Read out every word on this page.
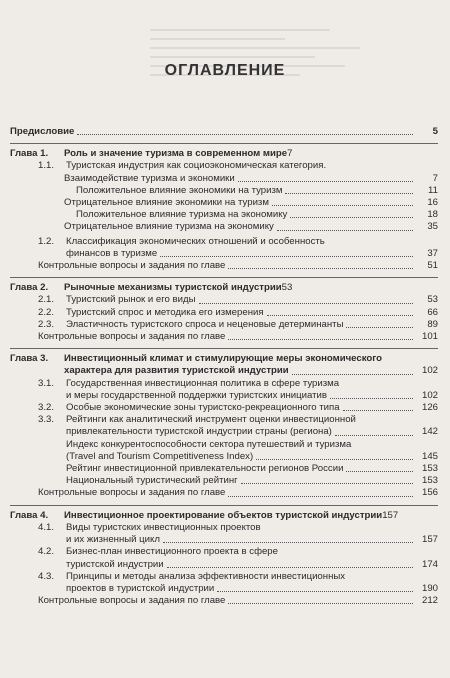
ОГЛАВЛЕНИЕ
Предисловие	5
Глава 1.	Роль и значение туризма в современном мире 7
1.1.	Туристская индустрия как социоэкономическая категория.
Взаимодействие туризма и экономики	7
Положительное влияние экономики на туризм	11
Отрицательное влияние экономики на туризм	16
Положительное влияние туризма на экономику	18
Отрицательное влияние туризма на экономику	35
1.2.	Классификация экономических отношений и особенность
финансов в туризме	37
Контрольные вопросы и задания по главе	51
Глава 2.	Рыночные механизмы туристской индустрии 53
2.1.	Туристский рынок и его виды	53
2.2.	Туристский спрос и методика его измерения	66
2.3.	Эластичность туристского спроса и неценовые детерминанты	89
Контрольные вопросы и задания по главе	101
Глава 3.	Инвестиционный климат и стимулирующие меры экономического
характера для развития туристской индустрии	102
3.1.	Государственная инвестиционная политика в сфере туризма
и меры государственной поддержки туристских инициатив	102
3.2.	Особые экономические зоны туристско-рекреационного типа	126
3.3.	Рейтинги как аналитический инструмент оценки инвестиционной
привлекательности туристской индустрии страны (региона)	142
Индекс конкурентоспособности сектора путешествий и туризма
(Travel and Tourism Competitiveness Index)	145
Рейтинг инвестиционной привлекательности регионов России	153
Национальный туристический рейтинг	153
Контрольные вопросы и задания по главе	156
Глава 4.	Инвестиционное проектирование объектов туристской индустрии 157
4.1.	Виды туристских инвестиционных проектов
и их жизненный цикл	157
4.2.	Бизнес-план инвестиционного проекта в сфере
туристской индустрии	174
4.3.	Принципы и методы анализа эффективности инвестиционных
проектов в туристской индустрии	190
Контрольные вопросы и задания по главе	212
